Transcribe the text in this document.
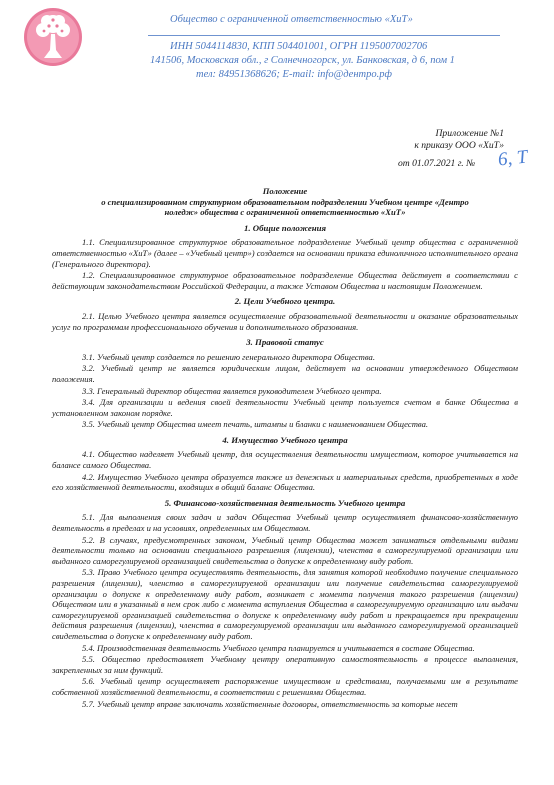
Общество с ограниченной ответственностью «ХиТ»
ИНН 5044114830, КПП 504401001, ОГРН 1195007002706
141506, Московская обл., г Солнечногорск, ул. Банковская, д 6, пом 1
тел: 84951368626; E-mail: info@дентро.рф
Приложение №1
к приказу ООО «ХиТ»
от 01.07.2021 г. № 6, Т

Положение

о специализированном структурном образовательном подразделении Учебном центре «Дентро

ноледж» общества с ограниченной ответственностью «ХиТ»

1. Общие положения

1.1. Специализированное структурное образовательное подразделение Учебный центр общества с ограниченной ответственностью «ХиТ» (далее – «Учебный центр») создается на основании приказа единоличного исполнительного органа (Генерального директора).

1.2. Специализированное структурное образовательное подразделение Общества действует в соответствии с действующим законодательством Российской Федерации, а также Уставом Общества и настоящим Положением.

2. Цели Учебного центра.

2.1. Целью Учебного центра является осуществление образовательной деятельности и оказание образовательных услуг по программам профессионального обучения и дополнительного образования.

3. Правовой статус

3.1. Учебный центр создается по решению генерального директора Общества.

3.2. Учебный центр не является юридическим лицом, действует на основании утвержденного Обществом положения.

3.3. Генеральный директор общества является руководителем Учебного центра.

3.4. Для организации и ведения своей деятельности Учебный центр пользуется счетом в банке Общества в установленном законом порядке.

3.5. Учебный центр Общества имеет печать, штампы и бланки с наименованием Общества.

4. Имущество Учебного центра

4.1. Общество наделяет Учебный центр, для осуществления деятельности имуществом, которое учитывается на балансе самого Общества.

4.2. Имущество Учебного центра образуется также из денежных и материальных средств, приобретенных в ходе его хозяйственной деятельности, входящих в общий баланс Общества.

5. Финансово-хозяйственная деятельность Учебного центра

5.1. Для выполнения своих задач и задач Общества Учебный центр осуществляет финансово-хозяйственную деятельность в пределах и на условиях, определенных им Обществом.

5.2. В случаях, предусмотренных законом, Учебный центр Общества может заниматься отдельными видами деятельности только на основании специального разрешения (лицензии), членства в саморегулируемой организации или выданного саморегулируемой организацией свидетельства о допуске к определенному виду работ.

5.3. Право Учебного центра осуществлять деятельность, для занятия которой необходимо получение специального разрешения (лицензии), членство в саморегулируемой организации или получение свидетельства саморегулируемой организации о допуске к определенному виду работ, возникает с момента получения такого разрешения (лицензии) Обществом или в указанный в нем срок либо с момента вступления Общества в саморегулируемую организацию или выдачи саморегулируемой организацией свидетельства о допуске к определенному виду работ и прекращается при прекращении действия разрешения (лицензии), членства в саморегулируемой организации или выданного саморегулируемой организацией свидетельства о допуске к определенному виду работ.

5.4. Производственная деятельность Учебного центра планируется и учитывается в составе Общества.

5.5. Общество предоставляет Учебному центру оперативную самостоятельность в процессе выполнения, закрепленных за ним функций.

5.6. Учебный центр осуществляет распоряжение имуществом и средствами, получаемыми им в результате собственной хозяйственной деятельности, в соответствии с решениями Общества.

5.7. Учебный центр вправе заключать хозяйственные договоры, ответственность за которые несет
